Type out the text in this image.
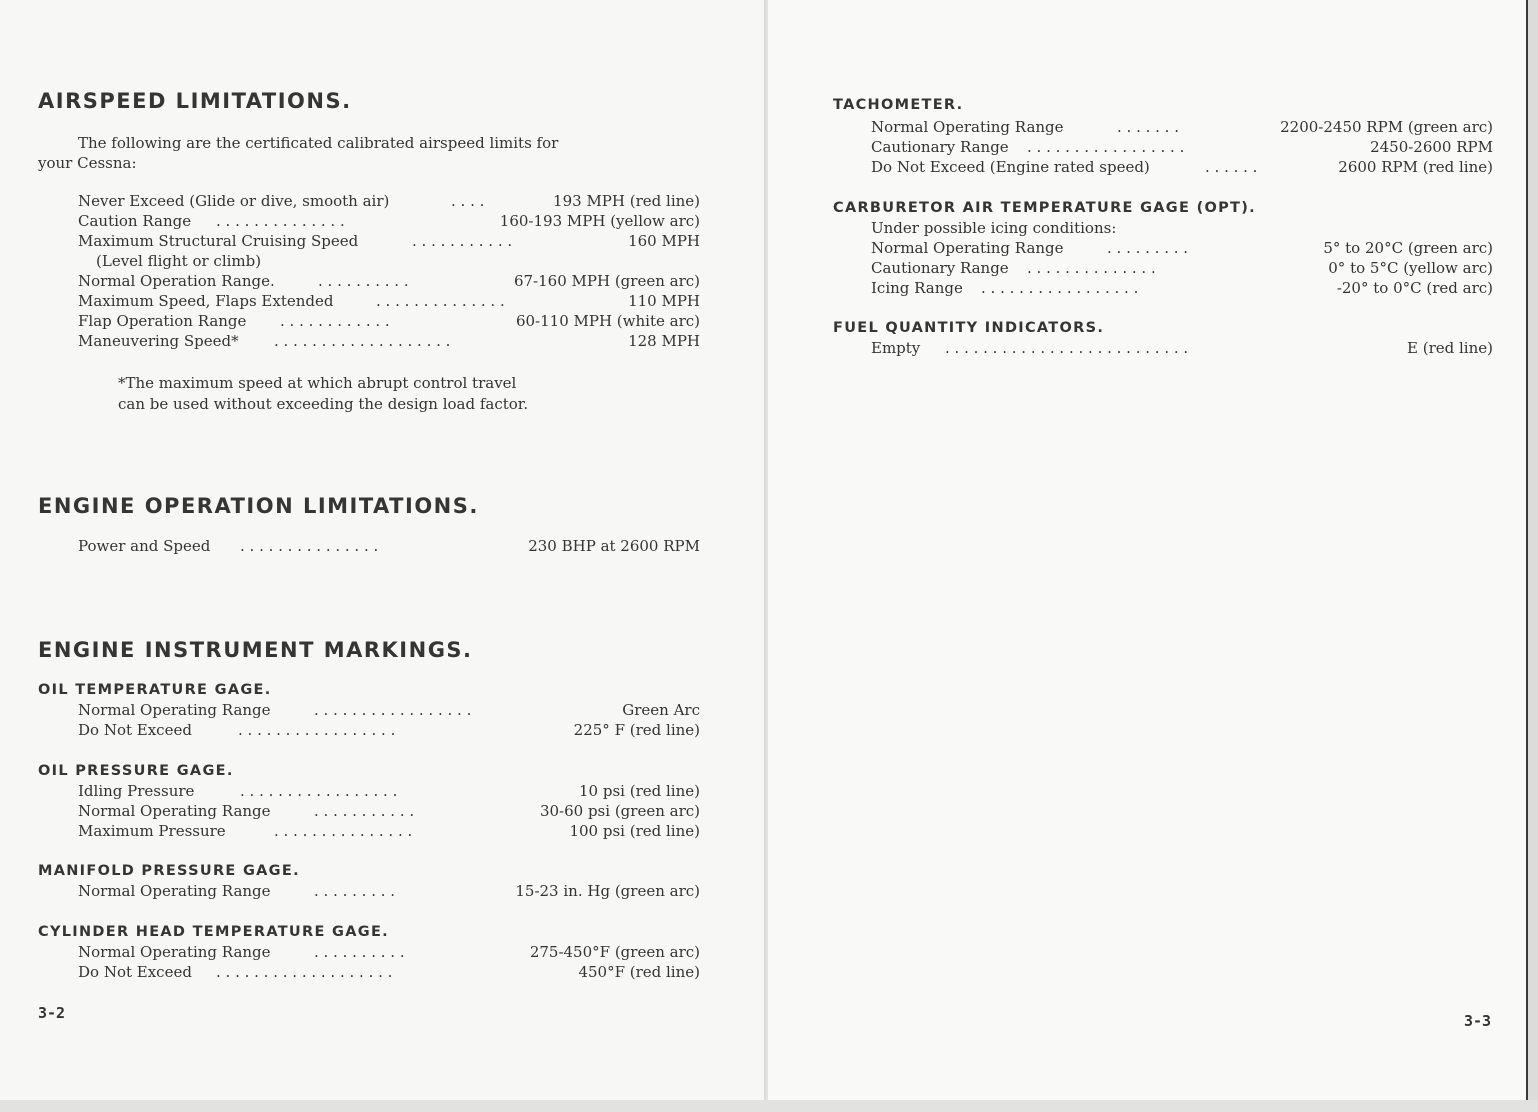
AIRSPEED LIMITATIONS.
The following are the certificated calibrated airspeed limits for
your Cessna:
Never Exceed (Glide or dive, smooth air)	. . . .	193 MPH (red line)
Caution Range . . . . . . . . . . . . . .	160-193 MPH (yellow arc)
Maximum Structural Cruising Speed	. . . . . . . . . . .	160 MPH
(Level flight or climb)
Normal Operation Range.	. . . . . . . . . .	67-160 MPH (green arc)
Maximum Speed, Flaps Extended	. . . . . . . . . . . . . .	110 MPH
Flap Operation Range . . . . . . . . . . . .	60-110 MPH (white arc)
Maneuvering Speed* . . . . . . . . . . . . . . . . . . .	128 MPH
*The maximum speed at which abrupt control travel
can be used without exceeding the design load factor.
ENGINE OPERATION LIMITATIONS.
Power and Speed . . . . . . . . . . . . . . .	230 BHP at 2600 RPM
ENGINE INSTRUMENT MARKINGS.
OIL TEMPERATURE GAGE.
Normal Operating Range	. . . . . . . . . . . . . . . . .	Green Arc
Do Not Exceed	. . . . . . . . . . . . . . . . .	225° F (red line)
OIL PRESSURE GAGE.
Idling Pressure	. . . . . . . . . . . . . . . . .	10 psi (red line)
Normal Operating Range	. . . . . . . . . . .	30-60 psi (green arc)
Maximum Pressure	. . . . . . . . . . . . . . .	100 psi (red line)
MANIFOLD PRESSURE GAGE.
Normal Operating Range	. . . . . . . . .	15-23 in. Hg (green arc)
CYLINDER HEAD TEMPERATURE GAGE.
Normal Operating Range	. . . . . . . . . .	275-450°F (green arc)
Do Not Exceed . . . . . . . . . . . . . . . . . . .	450°F (red line)
3-2
TACHOMETER.
Normal Operating Range	. . . . . . .	2200-2450 RPM (green arc)
Cautionary Range . . . . . . . . . . . . . . . . .	2450-2600 RPM
Do Not Exceed (Engine rated speed)	. . . . . .	2600 RPM (red line)
CARBURETOR AIR TEMPERATURE GAGE (OPT).
Under possible icing conditions:
Normal Operating Range	. . . . . . . . .	5° to 20°C (green arc)
Cautionary Range . . . . . . . . . . . . . .	0° to 5°C (yellow arc)
Icing Range . . . . . . . . . . . . . . . . .	-20° to 0°C (red arc)
FUEL QUANTITY INDICATORS.
Empty . . . . . . . . . . . . . . . . . . . . . . . . . .	E (red line)
3-3
